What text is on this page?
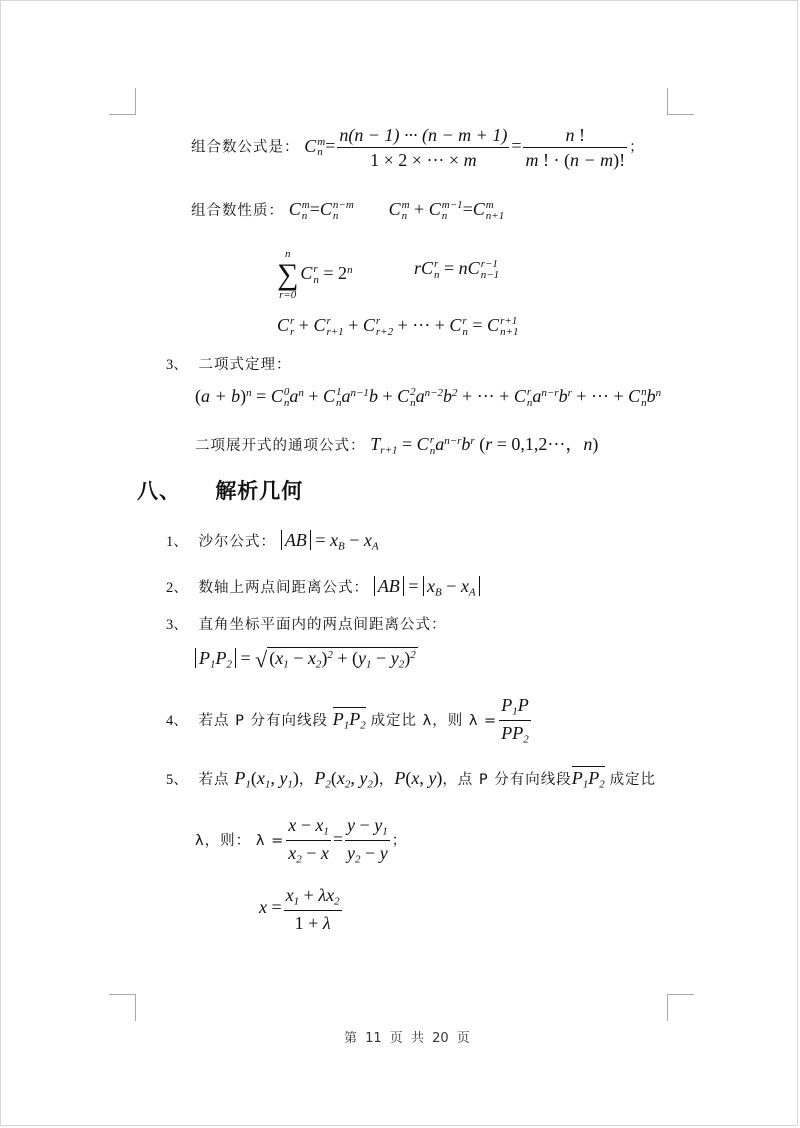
组合数公式是： C m
$n = \frac{n(n - 1) \cdot\cdot\cdot (n - m + 1)}{1 \times 2 \times \cdot\cdot\cdot \times m} = \frac{n !}{m ! \cdot (n - m)!}$ ；
组合数性质： C m
n =C n−m
n	C m
n + C m−1
n =C m
n+1
n
∑
r=0
C r
$n = 2^n$	rC r
n = nC r−1
n−1
C r
r + C r
r+1 + C r
r+2 + ··· + C r
n = C r+1
n+1
3、 二项式定理：
$(a + b)^n = C$ 0
n $a^n + C$ 1
n $a^{n-1}b + C$ 2
n $a^{n-2}b^2$ + ··· + C r
n $a^{n-r}b^r$ + ··· + C n
n $b^n$
二项展开式的通项公式： $T_{r+1} = C$ r
n $a^{n-r}b^r$ (r = 0,1,2···，n)
八、 解析几何
1、 沙尔公式： AB = $x_B - x_A$
2、 数轴上两点间距离公式： AB = $x_B - x_A$
3、 直角坐标平面内的两点间距离公式：
$P_1P_2$ = √ $(x_1 - x_2)^2 + (y_1 - y_2)^2$
4、 若点 P 分有向线段 $P_1P_2$ 成定比 λ，则 $\lambda = \frac{P_1P}{PP_2}$
5、 若点 $P_1(x_1$, $y_1$)，$P_2(x_2$, $y_2$)，P(x, y)，点 P 分有向线段$P_1P_2$ 成定比
λ，则： $\lambda = \frac{x - x_1}{x_2 - x} = \frac{y - y_1}{y_2 - y}$ ；
$x = \frac{x_1 + \lambda x_2}{1 + \lambda}$
第 11 页 共 20 页
